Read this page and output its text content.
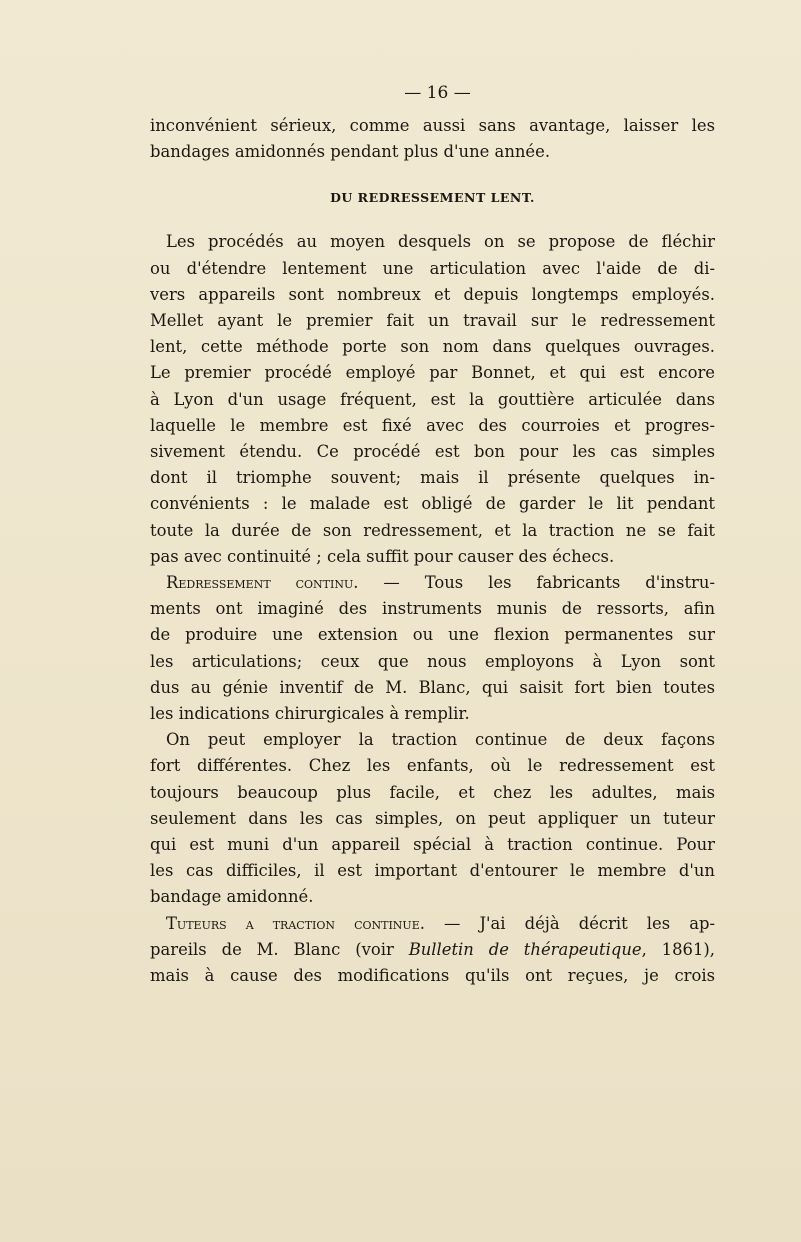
— 16 —

inconvénient sérieux, comme aussi sans avantage, laisser les
bandages amidonnés pendant plus d'une année.

DU REDRESSEMENT LENT.

Les procédés au moyen desquels on se propose de fléchir
ou d'étendre lentement une articulation avec l'aide de di-
vers appareils sont nombreux et depuis longtemps employés.
Mellet ayant le premier fait un travail sur le redressement
lent, cette méthode porte son nom dans quelques ouvrages.
Le premier procédé employé par Bonnet, et qui est encore
à Lyon d'un usage fréquent, est la gouttière articulée dans
laquelle le membre est fixé avec des courroies et progres-
sivement étendu. Ce procédé est bon pour les cas simples
dont il triomphe souvent; mais il présente quelques in-
convénients : le malade est obligé de garder le lit pendant
toute la durée de son redressement, et la traction ne se fait
pas avec continuité ; cela suffit pour causer des échecs.

Redressement continu. — Tous les fabricants d'instru-
ments ont imaginé des instruments munis de ressorts, afin
de produire une extension ou une flexion permanentes sur
les articulations; ceux que nous employons à Lyon sont
dus au génie inventif de M. Blanc, qui saisit fort bien toutes
les indications chirurgicales à remplir.

On peut employer la traction continue de deux façons
fort différentes. Chez les enfants, où le redressement est
toujours beaucoup plus facile, et chez les adultes, mais
seulement dans les cas simples, on peut appliquer un tuteur
qui est muni d'un appareil spécial à traction continue. Pour
les cas difficiles, il est important d'entourer le membre d'un
bandage amidonné.

Tuteurs a traction continue. — J'ai déjà décrit les ap-
pareils de M. Blanc (voir Bulletin de thérapeutique, 1861),
mais à cause des modifications qu'ils ont reçues, je crois
